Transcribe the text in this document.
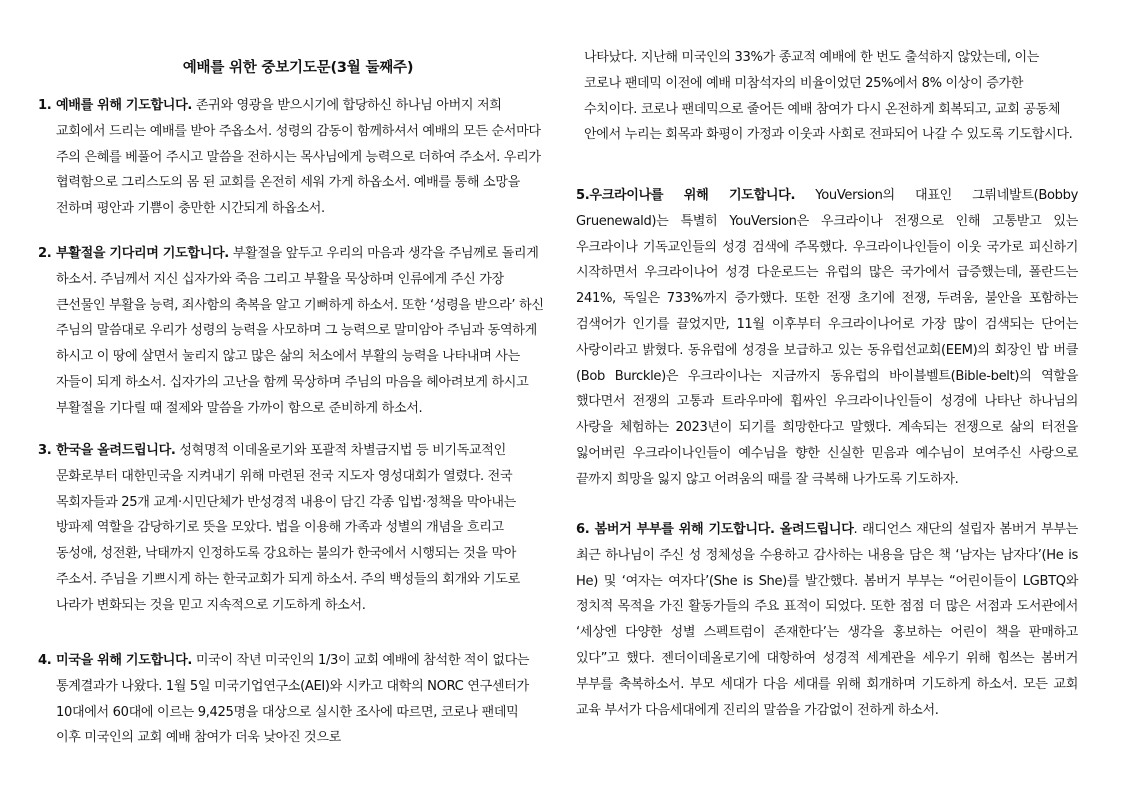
예배를 위한 중보기도문(3월 둘째주)
1. 예배를 위해 기도합니다. 존귀와 영광을 받으시기에 합당하신 하나님 아버지 저희 교회에서 드리는 예배를 받아 주옵소서. 성령의 감동이 함께하셔서 예배의 모든 순서마다 주의 은혜를 베풀어 주시고 말씀을 전하시는 목사님에게 능력으로 더하여 주소서. 우리가 협력함으로 그리스도의 몸 된 교회를 온전히 세워 가게 하옵소서. 예배를 통해 소망을 전하며 평안과 기쁨이 충만한 시간되게 하옵소서.
2. 부활절을 기다리며 기도합니다. 부활절을 앞두고 우리의 마음과 생각을 주님께로 돌리게 하소서. 주님께서 지신 십자가와 죽음 그리고 부활을 묵상하며 인류에게 주신 가장 큰선물인 부활을 능력, 죄사함의 축복을 알고 기뻐하게 하소서. 또한 ‘성령을 받으라’ 하신 주님의 말씀대로 우리가 성령의 능력을 사모하며 그 능력으로 말미암아 주님과 동역하게 하시고 이 땅에 살면서 눌리지 않고 많은 삶의 처소에서 부활의 능력을 나타내며 사는 자들이 되게 하소서. 십자가의 고난을 함께 묵상하며 주님의 마음을 헤아려보게 하시고 부활절을 기다릴 때 절제와 말씀을 가까이 함으로 준비하게 하소서.
3. 한국을 올려드립니다. 성혁명적 이데올로기와 포괄적 차별금지법 등 비기독교적인 문화로부터 대한민국을 지켜내기 위해 마련된 전국 지도자 영성대회가 열렸다. 전국 목회자들과 25개 교계·시민단체가 반성경적 내용이 담긴 각종 입법·정책을 막아내는 방파제 역할을 감당하기로 뜻을 모았다. 법을 이용해 가족과 성별의 개념을 흐리고 동성애, 성전환, 낙태까지 인정하도록 강요하는 불의가 한국에서 시행되는 것을 막아 주소서. 주님을 기쁘시게 하는 한국교회가 되게 하소서. 주의 백성들의 회개와 기도로 나라가 변화되는 것을 믿고 지속적으로 기도하게 하소서.
4. 미국을 위해 기도합니다. 미국이 작년 미국인의 1/3이 교회 예배에 참석한 적이 없다는 통계결과가 나왔다. 1월 5일 미국기업연구소(AEI)와 시카고 대학의 NORC 연구센터가 10대에서 60대에 이르는 9,425명을 대상으로 실시한 조사에 따르면, 코로나 팬데믹 이후 미국인의 교회 예배 참여가 더욱 낮아진 것으로
나타났다. 지난해 미국인의 33%가 종교적 예배에 한 번도 출석하지 않았는데, 이는 코로나 팬데믹 이전에 예배 미참석자의 비율이었던 25%에서 8% 이상이 증가한 수치이다. 코로나 팬데믹으로 줄어든 예배 참여가 다시 온전하게 회복되고, 교회 공동체 안에서 누리는 회목과 화평이 가정과 이웃과 사회로 전파되어 나갈 수 있도록 기도합시다.
5.우크라이나를 위해 기도합니다. YouVersion의 대표인 그뤼네발트(Bobby Gruenewald)는 특별히 YouVersion은 우크라이나 전쟁으로 인해 고통받고 있는 우크라이나 기독교인들의 성경 검색에 주목했다. 우크라이나인들이 이웃 국가로 피신하기 시작하면서 우크라이나어 성경 다운로드는 유럽의 많은 국가에서 급증했는데, 폴란드는 241%, 독일은 733%까지 증가했다. 또한 전쟁 초기에 전쟁, 두려움, 불안을 포함하는 검색어가 인기를 끌었지만, 11월 이후부터 우크라이나어로 가장 많이 검색되는 단어는 사랑이라고 밝혔다. 동유럽에 성경을 보급하고 있는 동유럽선교회(EEM)의 회장인 밥 버클(Bob Burckle)은 우크라이나는 지금까지 동유럽의 바이블벨트(Bible-belt)의 역할을 했다면서 전쟁의 고통과 트라우마에 휩싸인 우크라이나인들이 성경에 나타난 하나님의 사랑을 체험하는 2023년이 되기를 희망한다고 말했다. 계속되는 전쟁으로 삶의 터전을 잃어버린 우크라이나인들이 예수님을 향한 신실한 믿음과 예수님이 보여주신 사랑으로 끝까지 희망을 잃지 않고 어려움의 때를 잘 극복해 나가도록 기도하자.
6. 봄버거 부부를 위해 기도합니다. 올려드립니다. 래디언스 재단의 설립자 봄버거 부부는 최근 하나님이 주신 성 정체성을 수용하고 감사하는 내용을 담은 책 ‘남자는 남자다’(He is He) 및 ‘여자는 여자다’(She is She)를 발간했다. 봄버거 부부는 “어린이들이 LGBTQ와 정치적 목적을 가진 활동가들의 주요 표적이 되었다. 또한 점점 더 많은 서점과 도서관에서 ‘세상엔 다양한 성별 스펙트럼이 존재한다’는 생각을 홍보하는 어린이 책을 판매하고 있다”고 했다. 젠더이데올로기에 대항하여 성경적 세계관을 세우기 위해 힘쓰는 봄버거 부부를 축복하소서. 부모 세대가 다음 세대를 위해 회개하며 기도하게 하소서. 모든 교회 교육 부서가 다음세대에게 진리의 말씀을 가감없이 전하게 하소서.
